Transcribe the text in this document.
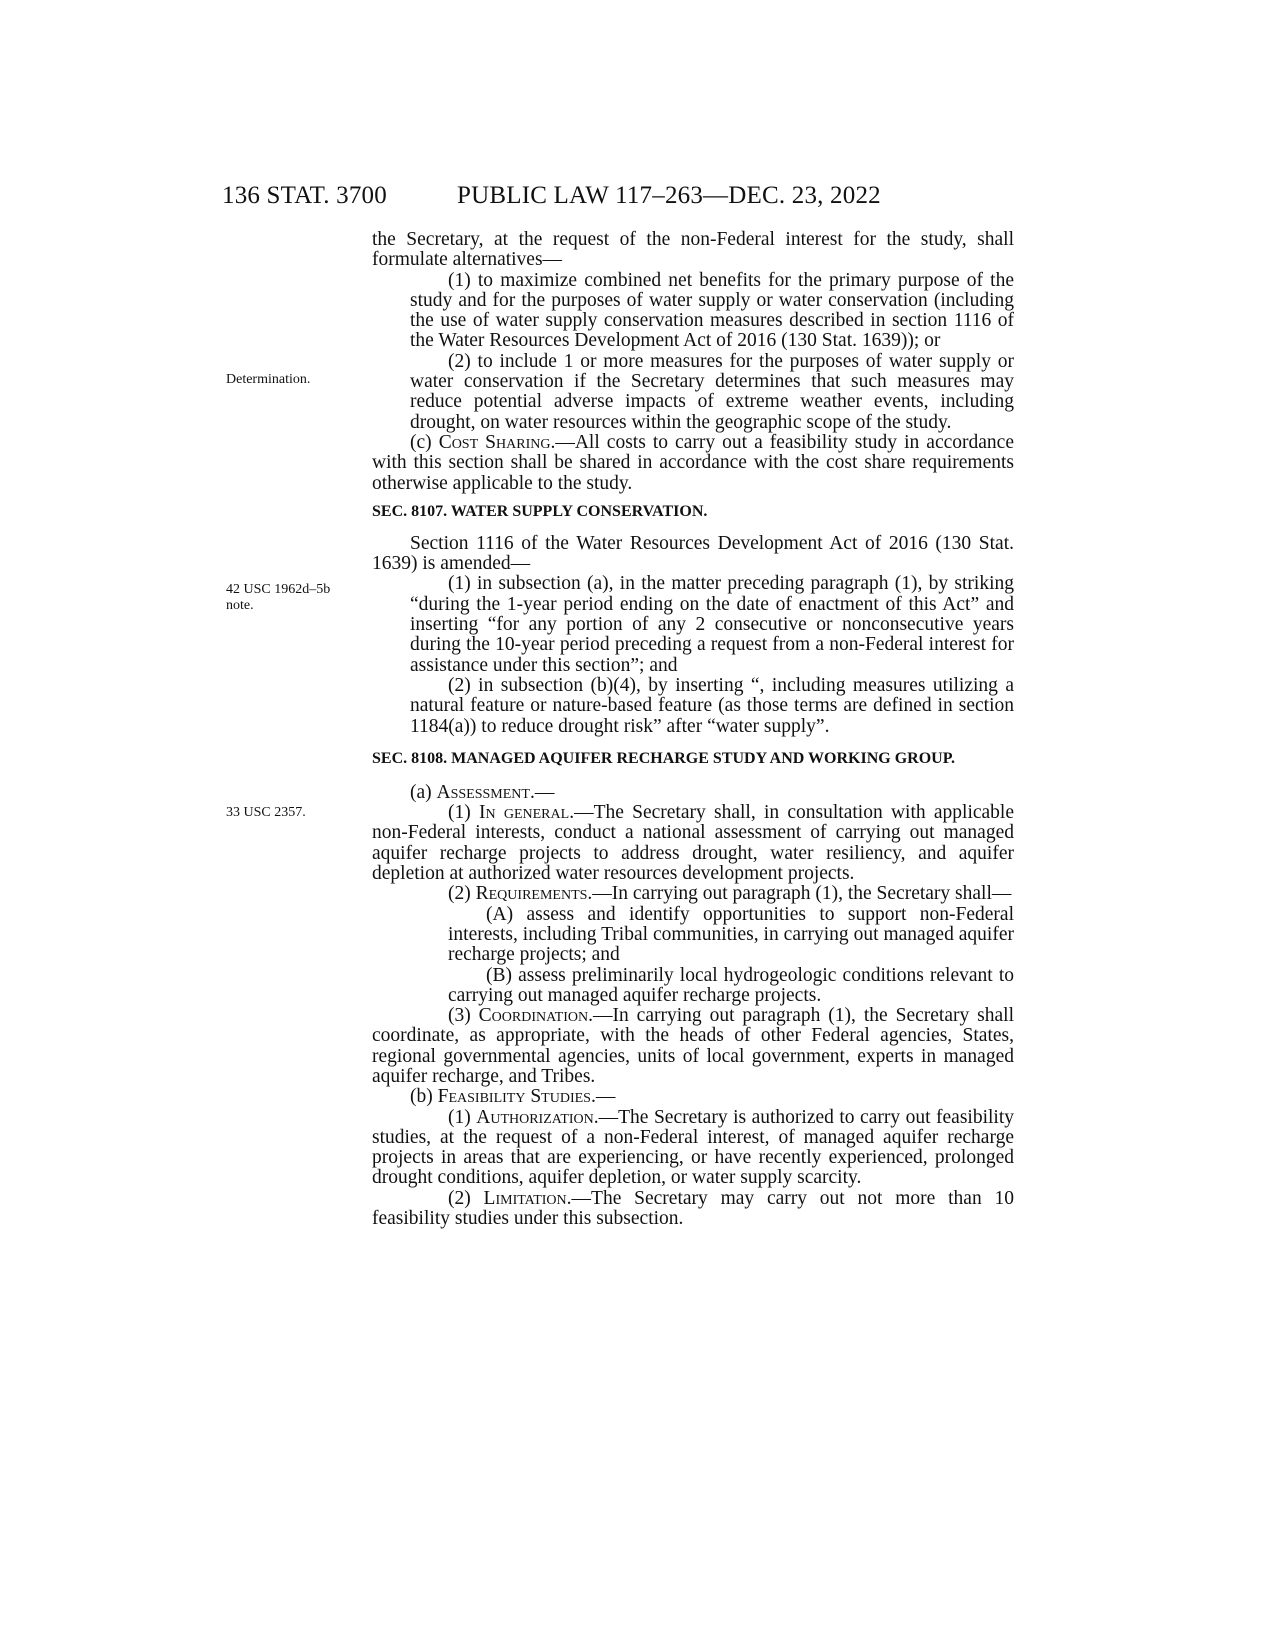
136 STAT. 3700	PUBLIC LAW 117–263—DEC. 23, 2022
Determination.
42 USC 1962d–5b note.
33 USC 2357.

the Secretary, at the request of the non-Federal interest for the study, shall formulate alternatives—

(1) to maximize combined net benefits for the primary purpose of the study and for the purposes of water supply or water conservation (including the use of water supply conservation measures described in section 1116 of the Water Resources Development Act of 2016 (130 Stat. 1639)); or

(2) to include 1 or more measures for the purposes of water supply or water conservation if the Secretary determines that such measures may reduce potential adverse impacts of extreme weather events, including drought, on water resources within the geographic scope of the study.

(c) Cost Sharing.—All costs to carry out a feasibility study in accordance with this section shall be shared in accordance with the cost share requirements otherwise applicable to the study.

SEC. 8107. WATER SUPPLY CONSERVATION.

Section 1116 of the Water Resources Development Act of 2016 (130 Stat. 1639) is amended—

(1) in subsection (a), in the matter preceding paragraph (1), by striking “during the 1-year period ending on the date of enactment of this Act” and inserting “for any portion of any 2 consecutive or nonconsecutive years during the 10-year period preceding a request from a non-Federal interest for assistance under this section”; and

(2) in subsection (b)(4), by inserting “, including measures utilizing a natural feature or nature-based feature (as those terms are defined in section 1184(a)) to reduce drought risk” after “water supply”.

SEC. 8108. MANAGED AQUIFER RECHARGE STUDY AND WORKING GROUP.

(a) Assessment.—

(1) In general.—The Secretary shall, in consultation with applicable non-Federal interests, conduct a national assessment of carrying out managed aquifer recharge projects to address drought, water resiliency, and aquifer depletion at authorized water resources development projects.

(2) Requirements.—In carrying out paragraph (1), the Secretary shall—

(A) assess and identify opportunities to support non-Federal interests, including Tribal communities, in carrying out managed aquifer recharge projects; and

(B) assess preliminarily local hydrogeologic conditions relevant to carrying out managed aquifer recharge projects.

(3) Coordination.—In carrying out paragraph (1), the Secretary shall coordinate, as appropriate, with the heads of other Federal agencies, States, regional governmental agencies, units of local government, experts in managed aquifer recharge, and Tribes.

(b) Feasibility Studies.—

(1) Authorization.—The Secretary is authorized to carry out feasibility studies, at the request of a non-Federal interest, of managed aquifer recharge projects in areas that are experiencing, or have recently experienced, prolonged drought conditions, aquifer depletion, or water supply scarcity.

(2) Limitation.—The Secretary may carry out not more than 10 feasibility studies under this subsection.
